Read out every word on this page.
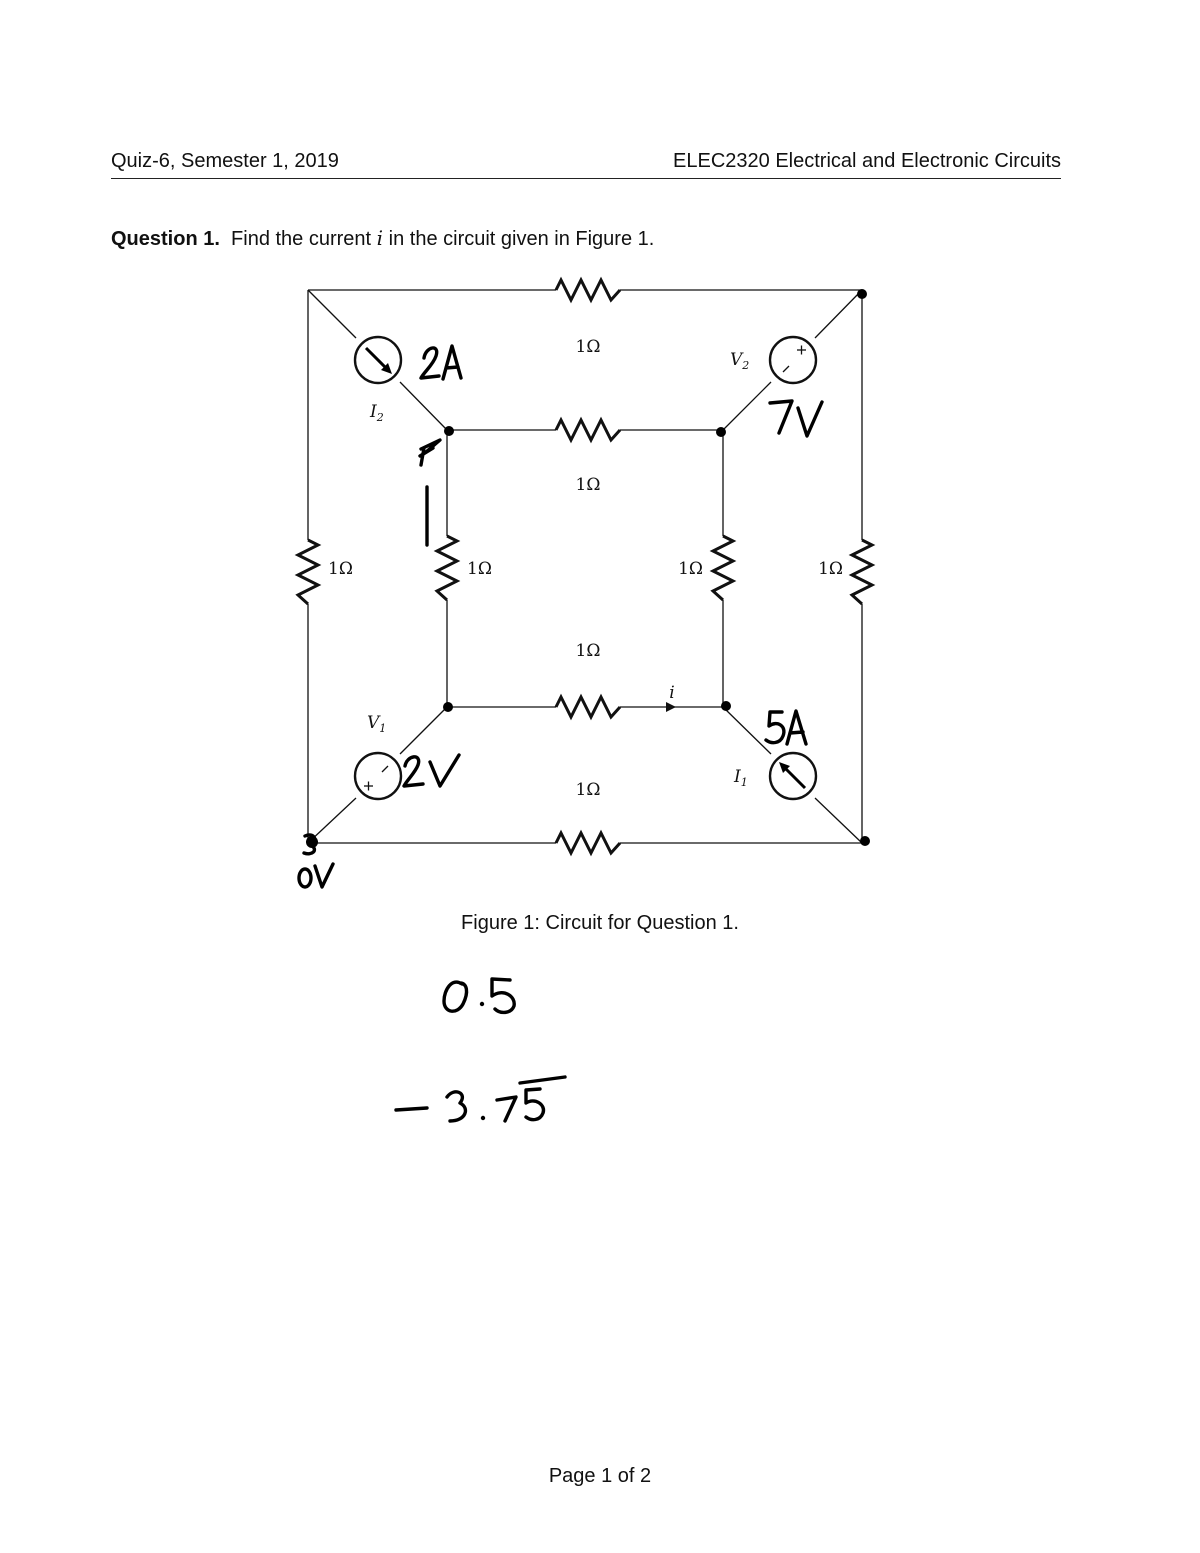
Quiz-6, Semester 1, 2019	ELEC2320 Electrical and Electronic Circuits
Question 1. Find the current i in the circuit given in Figure 1.
1Ω
1Ω
1Ω
1Ω
1Ω	1Ω	1Ω	1Ω
$I_2$
$V_2$
$V_1$
$I_1$
i
Figure 1: Circuit for Question 1.
Page 1 of 2
